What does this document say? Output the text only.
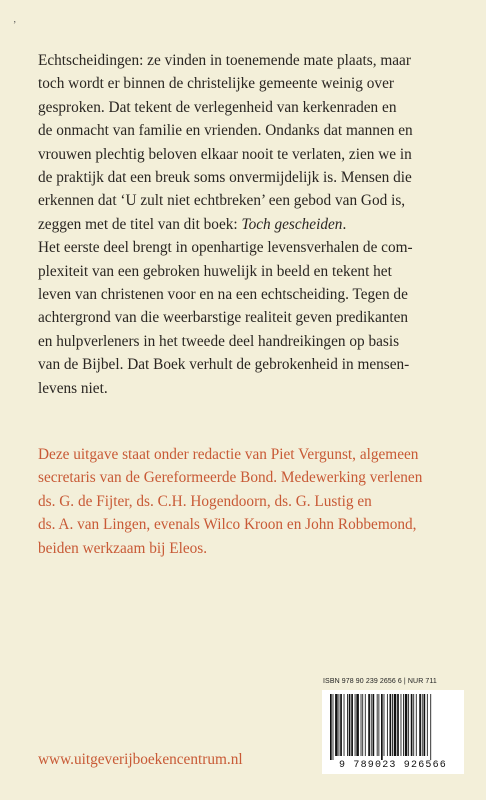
ʼ

Echtscheidingen: ze vinden in toenemende mate plaats, maar
toch wordt er binnen de christelijke gemeente weinig over
gesproken. Dat tekent de verlegenheid van kerkenraden en
de onmacht van familie en vrienden. Ondanks dat mannen en
vrouwen plechtig beloven elkaar nooit te verlaten, zien we in
de praktijk dat een breuk soms onvermijdelijk is. Mensen die
erkennen dat ‘U zult niet echtbreken’ een gebod van God is,
zeggen met de titel van dit boek: Toch gescheiden.

Het eerste deel brengt in openhartige levensverhalen de com-
plexiteit van een gebroken huwelijk in beeld en tekent het
leven van christenen voor en na een echtscheiding. Tegen de
achtergrond van die weerbarstige realiteit geven predikanten
en hulpverleners in het tweede deel handreikingen op basis
van de Bijbel. Dat Boek verhult de gebrokenheid in mensen-
levens niet.

Deze uitgave staat onder redactie van Piet Vergunst, algemeen
secretaris van de Gereformeerde Bond. Medewerking verlenen
ds. G. de Fijter, ds. C.H. Hogendoorn, ds. G. Lustig en
ds. A. van Lingen, evenals Wilco Kroon en John Robbemond,
beiden werkzaam bij Eleos.

ISBN 978 90 239 2656 6 | NUR 711
9 789023 926566
www.uitgeverijboekencentrum.nl
